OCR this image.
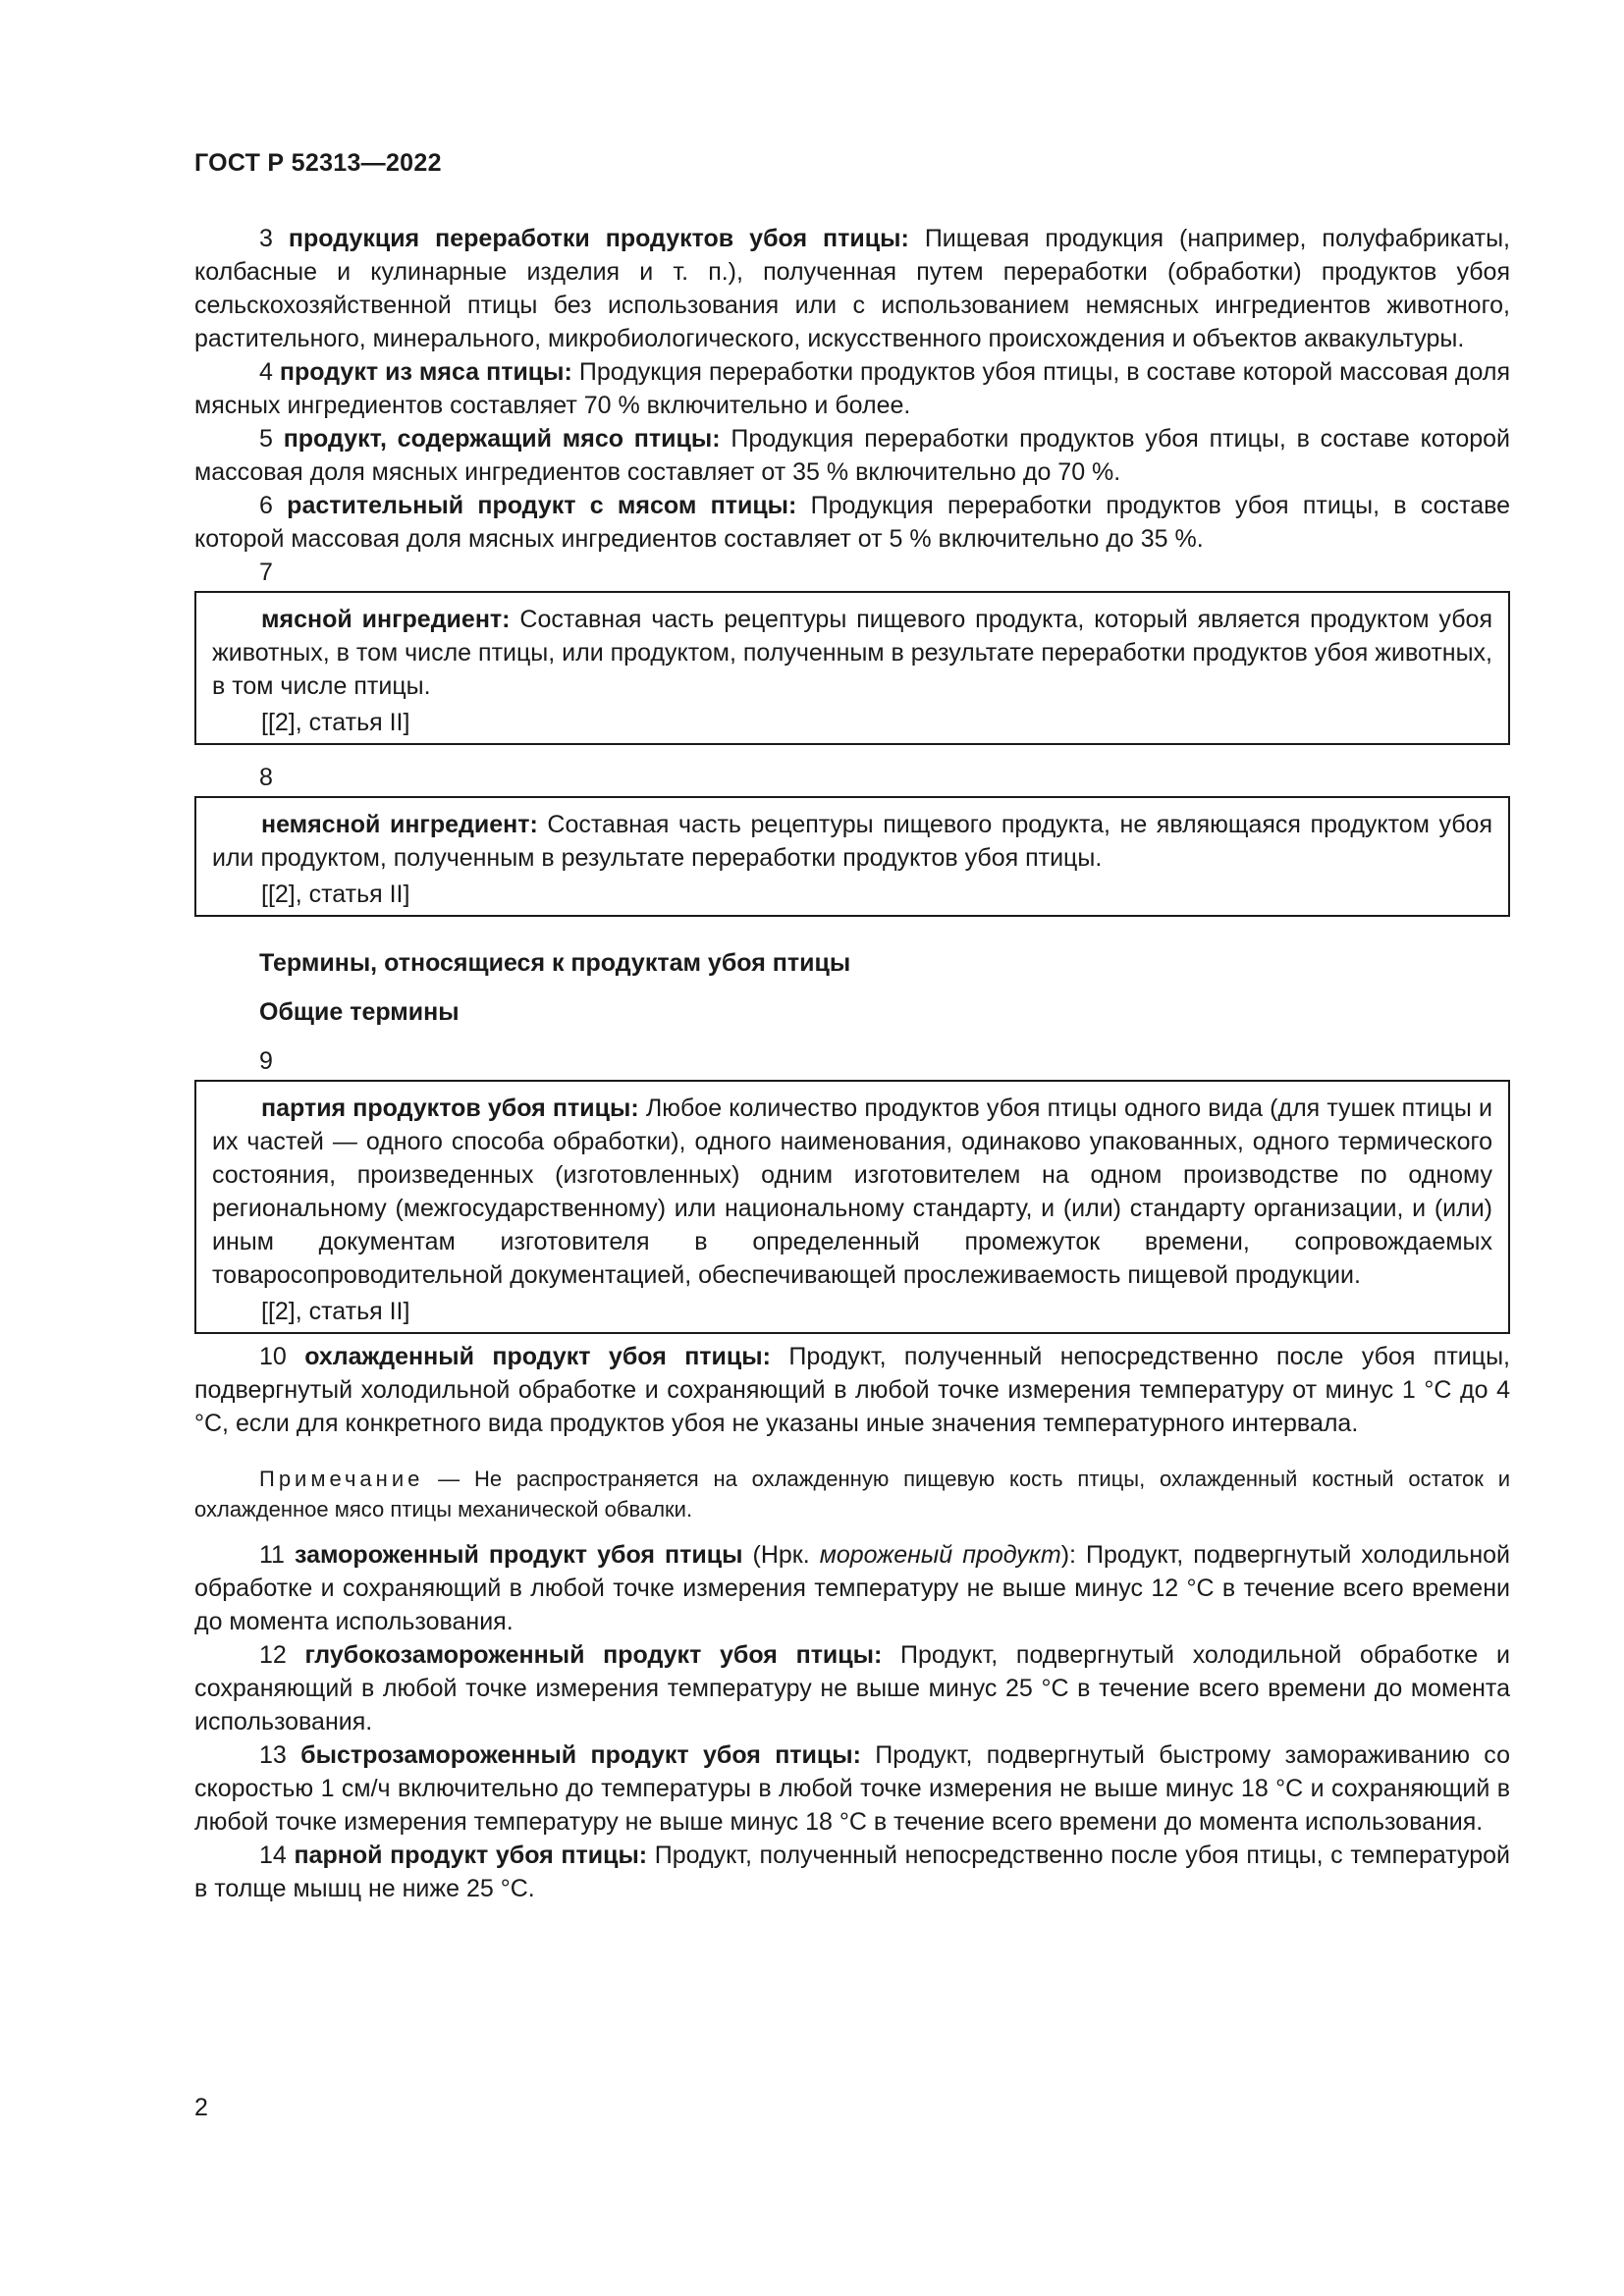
ГОСТ Р 52313—2022

3 продукция переработки продуктов убоя птицы: Пищевая продукция (например, полуфабрикаты, колбасные и кулинарные изделия и т. п.), полученная путем переработки (обработки) продуктов убоя сельскохозяйственной птицы без использования или с использованием немясных ингредиентов животного, растительного, минерального, микробиологического, искусственного происхождения и объектов аквакультуры.

4 продукт из мяса птицы: Продукция переработки продуктов убоя птицы, в составе которой массовая доля мясных ингредиентов составляет 70 % включительно и более.

5 продукт, содержащий мясо птицы: Продукция переработки продуктов убоя птицы, в составе которой массовая доля мясных ингредиентов составляет от 35 % включительно до 70 %.

6 растительный продукт с мясом птицы: Продукция переработки продуктов убоя птицы, в составе которой массовая доля мясных ингредиентов составляет от 5 % включительно до 35 %.

7

мясной ингредиент: Составная часть рецептуры пищевого продукта, который является продуктом убоя животных, в том числе птицы, или продуктом, полученным в результате переработки продуктов убоя животных, в том числе птицы.

[[2], статья II]

8

немясной ингредиент: Составная часть рецептуры пищевого продукта, не являющаяся продуктом убоя или продуктом, полученным в результате переработки продуктов убоя птицы.

[[2], статья II]

Термины, относящиеся к продуктам убоя птицы

Общие термины

9

партия продуктов убоя птицы: Любое количество продуктов убоя птицы одного вида (для тушек птицы и их частей — одного способа обработки), одного наименования, одинаково упакованных, одного термического состояния, произведенных (изготовленных) одним изготовителем на одном производстве по одному региональному (межгосударственному) или национальному стандарту, и (или) стандарту организации, и (или) иным документам изготовителя в определенный промежуток времени, сопровождаемых товаросопроводительной документацией, обеспечивающей прослеживаемость пищевой продукции.

[[2], статья II]

10 охлажденный продукт убоя птицы: Продукт, полученный непосредственно после убоя птицы, подвергнутый холодильной обработке и сохраняющий в любой точке измерения температуру от минус 1 °С до 4 °С, если для конкретного вида продуктов убоя не указаны иные значения температурного интервала.

Примечание — Не распространяется на охлажденную пищевую кость птицы, охлажденный костный остаток и охлажденное мясо птицы механической обвалки.

11 замороженный продукт убоя птицы (Нрк. мороженый продукт): Продукт, подвергнутый холодильной обработке и сохраняющий в любой точке измерения температуру не выше минус 12 °С в течение всего времени до момента использования.

12 глубокозамороженный продукт убоя птицы: Продукт, подвергнутый холодильной обработке и сохраняющий в любой точке измерения температуру не выше минус 25 °С в течение всего времени до момента использования.

13 быстрозамороженный продукт убоя птицы: Продукт, подвергнутый быстрому замораживанию со скоростью 1 см/ч включительно до температуры в любой точке измерения не выше минус 18 °С и сохраняющий в любой точке измерения температуру не выше минус 18 °С в течение всего времени до момента использования.

14 парной продукт убоя птицы: Продукт, полученный непосредственно после убоя птицы, с температурой в толще мышц не ниже 25 °С.

2
